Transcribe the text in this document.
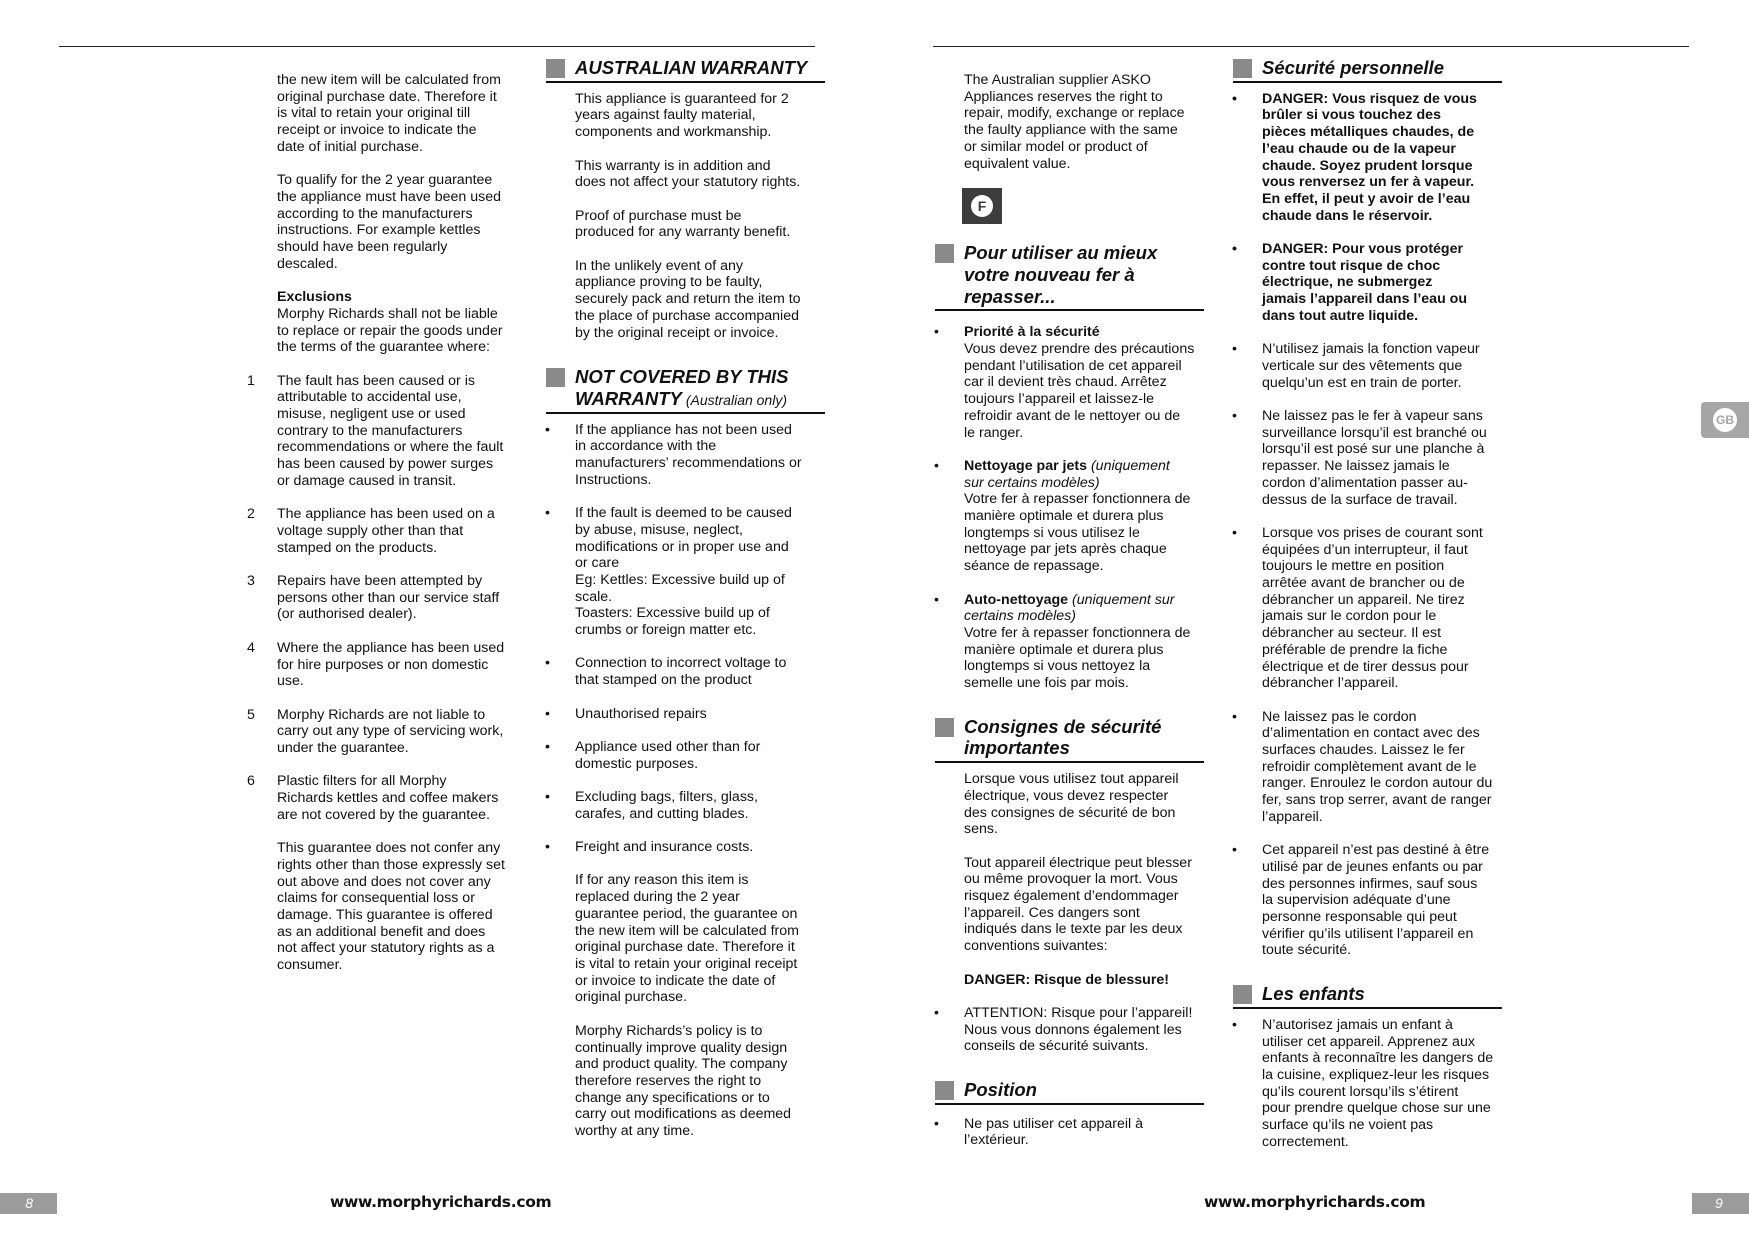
the new item will be calculated from
original purchase date. Therefore it
is vital to retain your original till
receipt or invoice to indicate the
date of initial purchase.

To qualify for the 2 year guarantee
the appliance must have been used
according to the manufacturers
instructions. For example kettles
should have been regularly
descaled.

Exclusions

Morphy Richards shall not be liable
to replace or repair the goods under
the terms of the guarantee where:

1 The fault has been caused or is
attributable to accidental use,
misuse, negligent use or used
contrary to the manufacturers
recommendations or where the fault
has been caused by power surges
or damage caused in transit.
2 The appliance has been used on a
voltage supply other than that
stamped on the products.
3 Repairs have been attempted by
persons other than our service staff
(or authorised dealer).
4 Where the appliance has been used
for hire purposes or non domestic
use.
5 Morphy Richards are not liable to
carry out any type of servicing work,
under the guarantee.
6 Plastic filters for all Morphy
Richards kettles and coffee makers
are not covered by the guarantee.

This guarantee does not confer any
rights other than those expressly set
out above and does not cover any
claims for consequential loss or
damage. This guarantee is offered
as an additional benefit and does
not affect your statutory rights as a
consumer.

AUSTRALIAN WARRANTY

This appliance is guaranteed for 2
years against faulty material,
components and workmanship.

This warranty is in addition and
does not affect your statutory rights.

Proof of purchase must be
produced for any warranty benefit.

In the unlikely event of any
appliance proving to be faulty,
securely pack and return the item to
the place of purchase accompanied
by the original receipt or invoice.

NOT COVERED BY THIS
WARRANTY (Australian only)
• If the appliance has not been used
in accordance with the
manufacturers’ recommendations or
Instructions.
• If the fault is deemed to be caused
by abuse, misuse, neglect,
modifications or in proper use and
or care
Eg: Kettles: Excessive build up of
scale.
Toasters: Excessive build up of
crumbs or foreign matter etc.
• Connection to incorrect voltage to
that stamped on the product
• Unauthorised repairs
• Appliance used other than for
domestic purposes.
• Excluding bags, filters, glass,
carafes, and cutting blades.
• Freight and insurance costs.

If for any reason this item is
replaced during the 2 year
guarantee period, the guarantee on
the new item will be calculated from
original purchase date. Therefore it
is vital to retain your original receipt
or invoice to indicate the date of
original purchase.

Morphy Richards’s policy is to
continually improve quality design
and product quality. The company
therefore reserves the right to
change any specifications or to
carry out modifications as deemed
worthy at any time.

The Australian supplier ASKO
Appliances reserves the right to
repair, modify, exchange or replace
the faulty appliance with the same
or similar model or product of
equivalent value.

F
Pour utiliser au mieux
votre nouveau fer à
repasser...
• Priorité à la sécurité
Vous devez prendre des précautions
pendant l’utilisation de cet appareil
car il devient très chaud. Arrêtez
toujours l’appareil et laissez-le
refroidir avant de le nettoyer ou de
le ranger.
• Nettoyage par jets (uniquement
sur certains modèles)
Votre fer à repasser fonctionnera de
manière optimale et durera plus
longtemps si vous utilisez le
nettoyage par jets après chaque
séance de repassage.
• Auto-nettoyage (uniquement sur
certains modèles)
Votre fer à repasser fonctionnera de
manière optimale et durera plus
longtemps si vous nettoyez la
semelle une fois par mois.
Consignes de sécurité
importantes

Lorsque vous utilisez tout appareil
électrique, vous devez respecter
des consignes de sécurité de bon
sens.

Tout appareil électrique peut blesser
ou même provoquer la mort. Vous
risquez également d’endommager
l’appareil. Ces dangers sont
indiqués dans le texte par les deux
conventions suivantes:

DANGER: Risque de blessure!

• ATTENTION: Risque pour l’appareil!
Nous vous donnons également les
conseils de sécurité suivants.
Position
• Ne pas utiliser cet appareil à
l’extérieur.
Sécurité personnelle
• DANGER: Vous risquez de vous
brûler si vous touchez des
pièces métalliques chaudes, de
l’eau chaude ou de la vapeur
chaude. Soyez prudent lorsque
vous renversez un fer à vapeur.
En effet, il peut y avoir de l’eau
chaude dans le réservoir.
• DANGER: Pour vous protéger
contre tout risque de choc
électrique, ne submergez
jamais l’appareil dans l’eau ou
dans tout autre liquide.
• N’utilisez jamais la fonction vapeur
verticale sur des vêtements que
quelqu’un est en train de porter.
• Ne laissez pas le fer à vapeur sans
surveillance lorsqu’il est branché ou
lorsqu’il est posé sur une planche à
repasser. Ne laissez jamais le
cordon d’alimentation passer au-
dessus de la surface de travail.
• Lorsque vos prises de courant sont
équipées d’un interrupteur, il faut
toujours le mettre en position
arrêtée avant de brancher ou de
débrancher un appareil. Ne tirez
jamais sur le cordon pour le
débrancher au secteur. Il est
préférable de prendre la fiche
électrique et de tirer dessus pour
débrancher l’appareil.
• Ne laissez pas le cordon
d’alimentation en contact avec des
surfaces chaudes. Laissez le fer
refroidir complètement avant de le
ranger. Enroulez le cordon autour du
fer, sans trop serrer, avant de ranger
l’appareil.
• Cet appareil n’est pas destiné à être
utilisé par de jeunes enfants ou par
des personnes infirmes, sauf sous
la supervision adéquate d’une
personne responsable qui peut
vérifier qu’ils utilisent l’appareil en
toute sécurité.
Les enfants
• N’autorisez jamais un enfant à
utiliser cet appareil. Apprenez aux
enfants à reconnaître les dangers de
la cuisine, expliquez-leur les risques
qu’ils courent lorsqu’ils s’étirent
pour prendre quelque chose sur une
surface qu’ils ne voient pas
correctement.
GB
8	www.morphyrichards.com	www.morphyrichards.com	9
